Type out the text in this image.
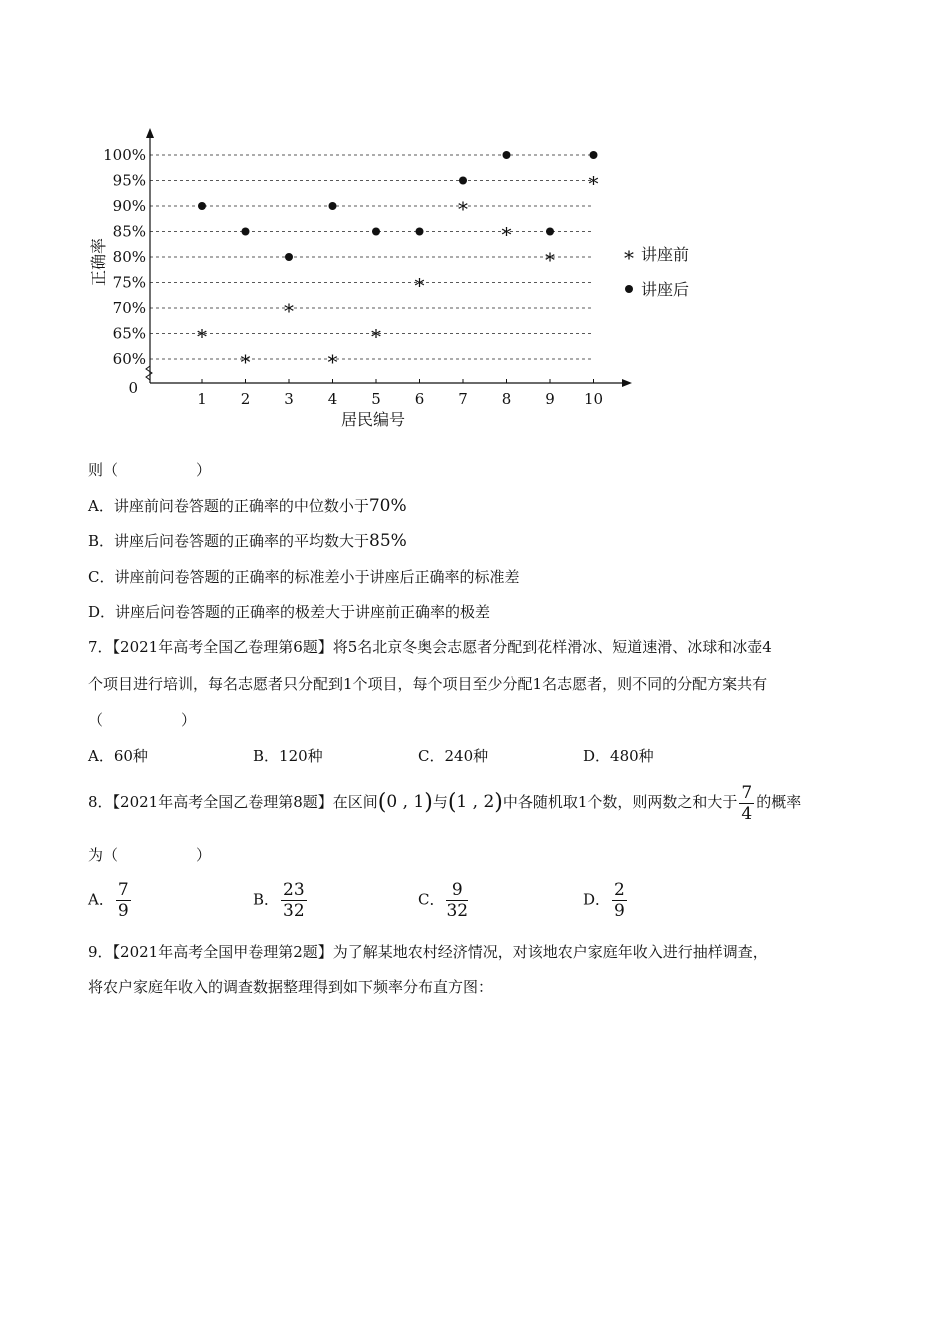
60%
65%
70%
75%
80%
85%
90%
95%
100%
0
1 2 3 4 5 6 7 8 9 10
居民编号
正确率
*
*
*
*
*
*
*
*
*
*
* 讲座前
讲座后
则（	）
A．讲座前问卷答题的正确率的中位数小于70%
B．讲座后问卷答题的正确率的平均数大于85%
C．讲座前问卷答题的正确率的标准差小于讲座后正确率的标准差
D．讲座后问卷答题的正确率的极差大于讲座前正确率的极差
7．【2021年高考全国乙卷理第6题】将5名北京冬奥会志愿者分配到花样滑冰、短道速滑、冰球和冰壶4
个项目进行培训，每名志愿者只分配到1个项目，每个项目至少分配1名志愿者，则不同的分配方案共有
（	）
A．60种	B．120种	C．240种	D．480种
8．【2021年高考全国乙卷理第8题】在区间(0 , 1)与(1 , 2)中各随机取1个数，则两数之和大于 $\frac{7}{4}$ 的概率
为（	）
A． $\frac{7}{9}$	B． $\frac{23}{32}$	C． $\frac{9}{32}$	D． $\frac{2}{9}$
9．【2021年高考全国甲卷理第2题】为了解某地农村经济情况，对该地农户家庭年收入进行抽样调查，
将农户家庭年收入的调查数据整理得到如下频率分布直方图：
